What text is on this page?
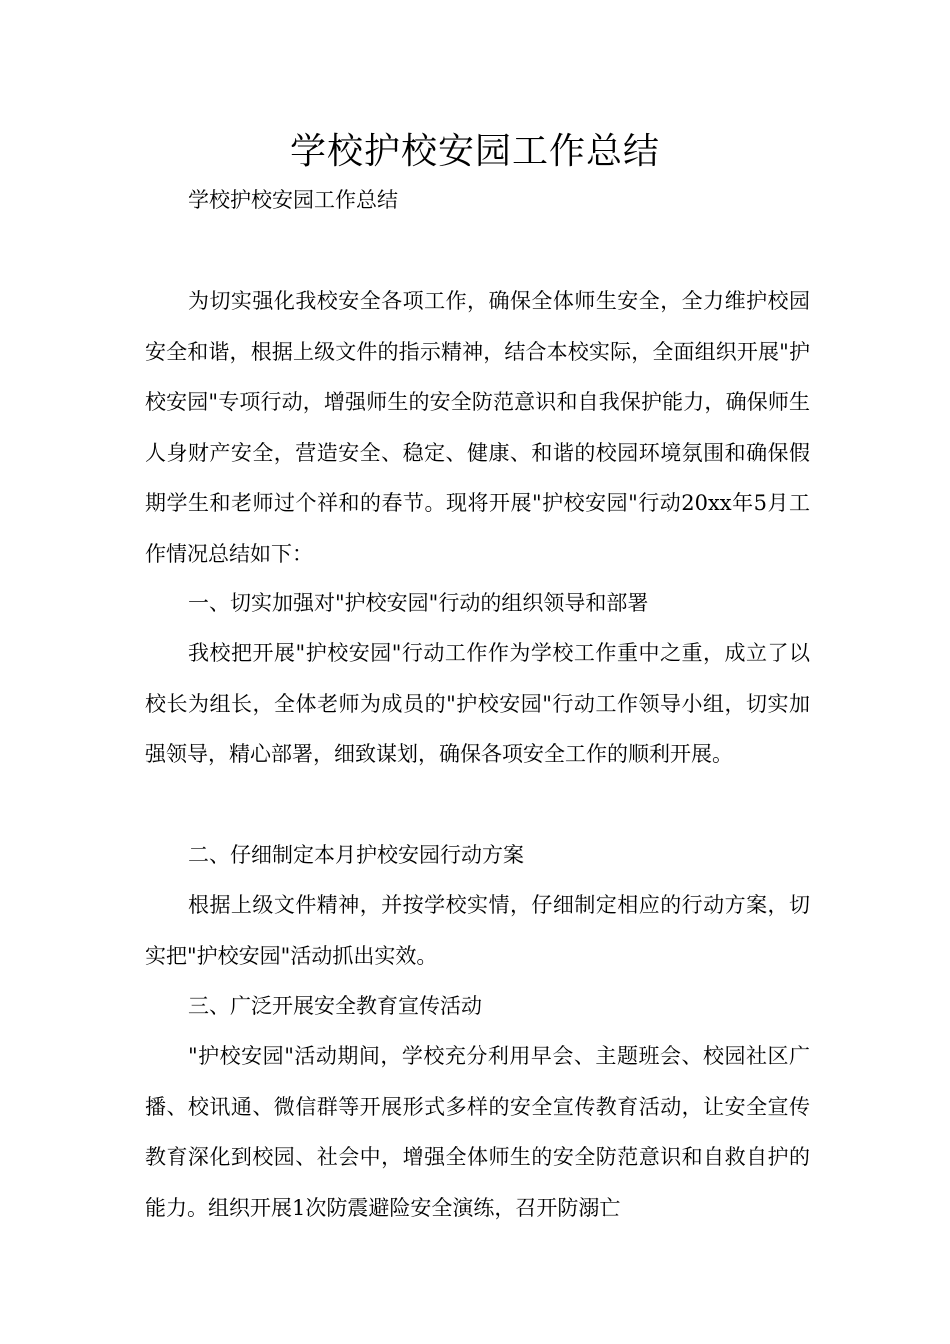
学校护校安园工作总结

学校护校安园工作总结

为切实强化我校安全各项工作，确保全体师生安全，全力维护校园安全和谐，根据上级文件的指示精神，结合本校实际，全面组织开展"护校安园"专项行动，增强师生的安全防范意识和自我保护能力，确保师生人身财产安全，营造安全、稳定、健康、和谐的校园环境氛围和确保假期学生和老师过个祥和的春节。现将开展"护校安园"行动20xx年5月工作情况总结如下：

一、切实加强对"护校安园"行动的组织领导和部署

我校把开展"护校安园"行动工作作为学校工作重中之重，成立了以校长为组长，全体老师为成员的"护校安园"行动工作领导小组，切实加强领导，精心部署，细致谋划，确保各项安全工作的顺利开展。

二、仔细制定本月护校安园行动方案

根据上级文件精神，并按学校实情，仔细制定相应的行动方案，切实把"护校安园"活动抓出实效。

三、广泛开展安全教育宣传活动

"护校安园"活动期间，学校充分利用早会、主题班会、校园社区广播、校讯通、微信群等开展形式多样的安全宣传教育活动，让安全宣传教育深化到校园、社会中，增强全体师生的安全防范意识和自救自护的能力。组织开展1次防震避险安全演练，召开防溺亡
